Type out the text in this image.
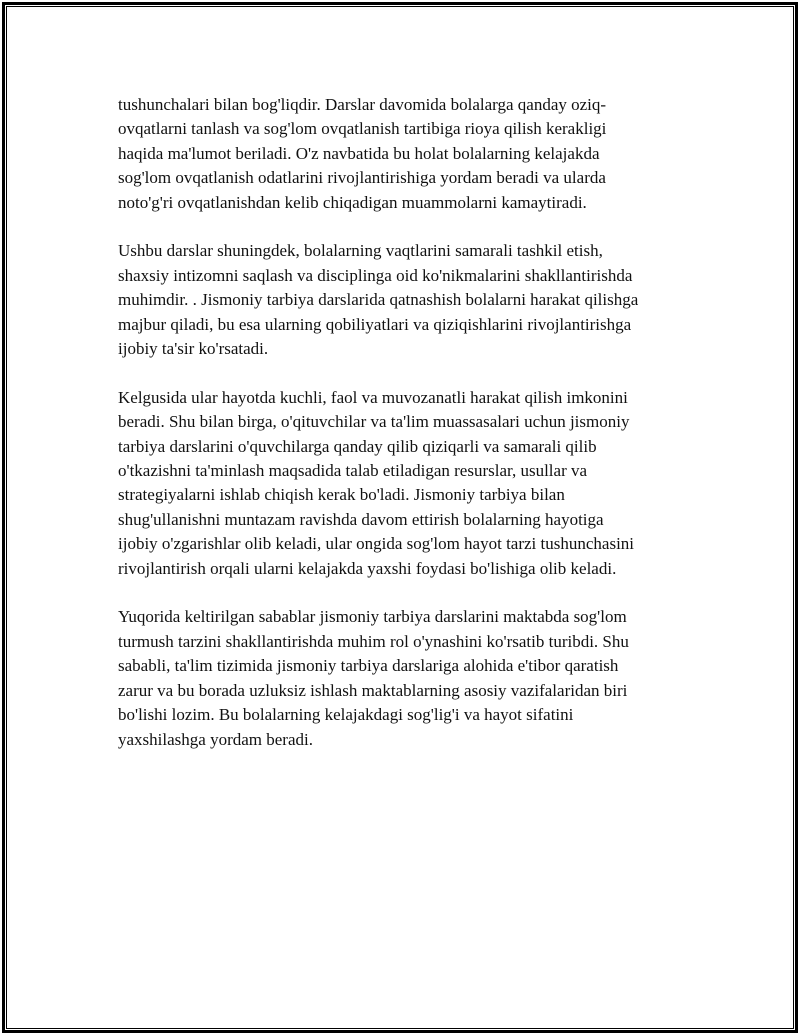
tushunchalari bilan bog'liqdir. Darslar davomida bolalarga qanday oziq-
ovqatlarni tanlash va sog'lom ovqatlanish tartibiga rioya qilish kerakligi
haqida ma'lumot beriladi. O'z navbatida bu holat bolalarning kelajakda
sog'lom ovqatlanish odatlarini rivojlantirishiga yordam beradi va ularda
noto'g'ri ovqatlanishdan kelib chiqadigan muammolarni kamaytiradi.

Ushbu darslar shuningdek, bolalarning vaqtlarini samarali tashkil etish,
shaxsiy intizomni saqlash va disciplinga oid ko'nikmalarini shakllantirishda
muhimdir. . Jismoniy tarbiya darslarida qatnashish bolalarni harakat qilishga
majbur qiladi, bu esa ularning qobiliyatlari va qiziqishlarini rivojlantirishga
ijobiy ta'sir ko'rsatadi.

Kelgusida ular hayotda kuchli, faol va muvozanatli harakat qilish imkonini
beradi. Shu bilan birga, o'qituvchilar va ta'lim muassasalari uchun jismoniy
tarbiya darslarini o'quvchilarga qanday qilib qiziqarli va samarali qilib
o'tkazishni ta'minlash maqsadida talab etiladigan resurslar, usullar va
strategiyalarni ishlab chiqish kerak bo'ladi. Jismoniy tarbiya bilan
shug'ullanishni muntazam ravishda davom ettirish bolalarning hayotiga
ijobiy o'zgarishlar olib keladi, ular ongida sog'lom hayot tarzi tushunchasini
rivojlantirish orqali ularni kelajakda yaxshi foydasi bo'lishiga olib keladi.

Yuqorida keltirilgan sabablar jismoniy tarbiya darslarini maktabda sog'lom
turmush tarzini shakllantirishda muhim rol o'ynashini ko'rsatib turibdi. Shu
sababli, ta'lim tizimida jismoniy tarbiya darslariga alohida e'tibor qaratish
zarur va bu borada uzluksiz ishlash maktablarning asosiy vazifalaridan biri
bo'lishi lozim. Bu bolalarning kelajakdagi sog'lig'i va hayot sifatini
yaxshilashga yordam beradi.
